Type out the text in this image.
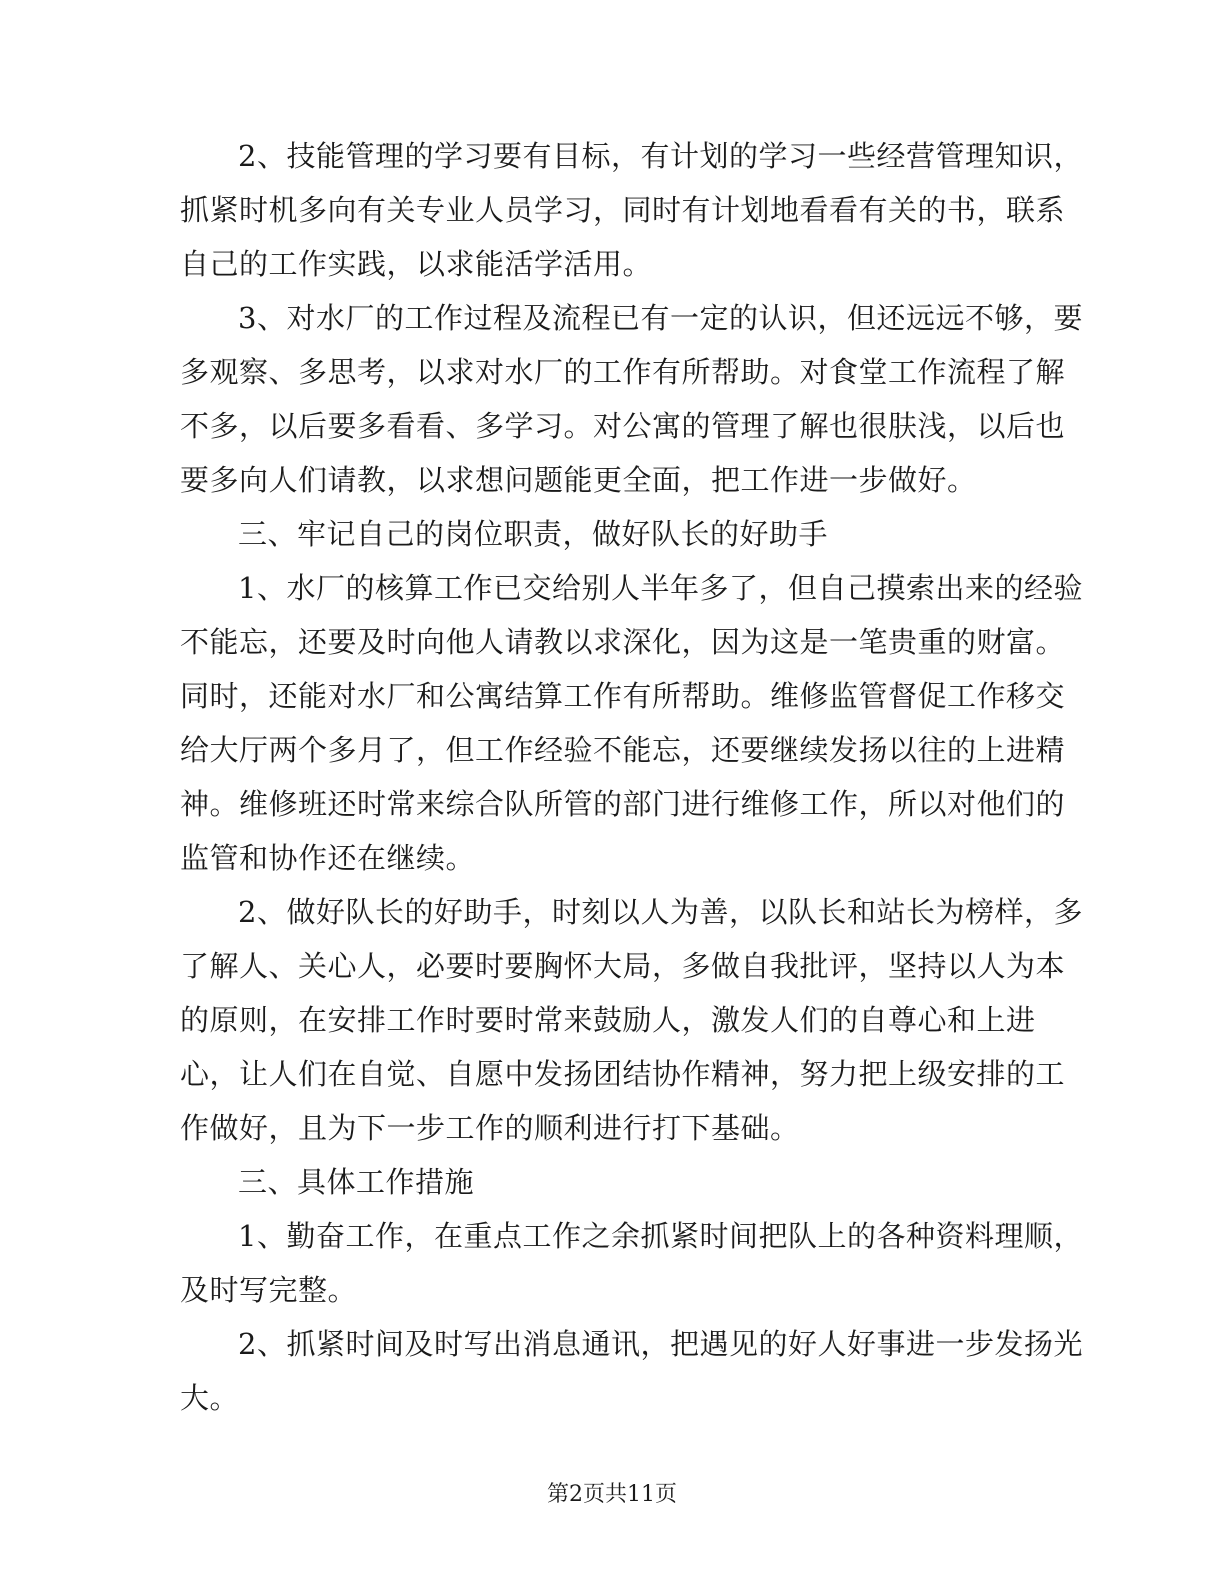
2、技能管理的学习要有目标，有计划的学习一些经营管理知识，
抓紧时机多向有关专业人员学习，同时有计划地看看有关的书，联系
自己的工作实践，以求能活学活用。
3、对水厂的工作过程及流程已有一定的认识，但还远远不够，要
多观察、多思考，以求对水厂的工作有所帮助。对食堂工作流程了解
不多，以后要多看看、多学习。对公寓的管理了解也很肤浅，以后也
要多向人们请教，以求想问题能更全面，把工作进一步做好。
三、牢记自己的岗位职责，做好队长的好助手
1、水厂的核算工作已交给别人半年多了，但自己摸索出来的经验
不能忘，还要及时向他人请教以求深化，因为这是一笔贵重的财富。
同时，还能对水厂和公寓结算工作有所帮助。维修监管督促工作移交
给大厅两个多月了，但工作经验不能忘，还要继续发扬以往的上进精
神。维修班还时常来综合队所管的部门进行维修工作，所以对他们的
监管和协作还在继续。
2、做好队长的好助手，时刻以人为善，以队长和站长为榜样，多
了解人、关心人，必要时要胸怀大局，多做自我批评，坚持以人为本
的原则，在安排工作时要时常来鼓励人，激发人们的自尊心和上进
心，让人们在自觉、自愿中发扬团结协作精神，努力把上级安排的工
作做好，且为下一步工作的顺利进行打下基础。
三、具体工作措施
1、勤奋工作，在重点工作之余抓紧时间把队上的各种资料理顺，
及时写完整。
2、抓紧时间及时写出消息通讯，把遇见的好人好事进一步发扬光
大。
第2页共11页
